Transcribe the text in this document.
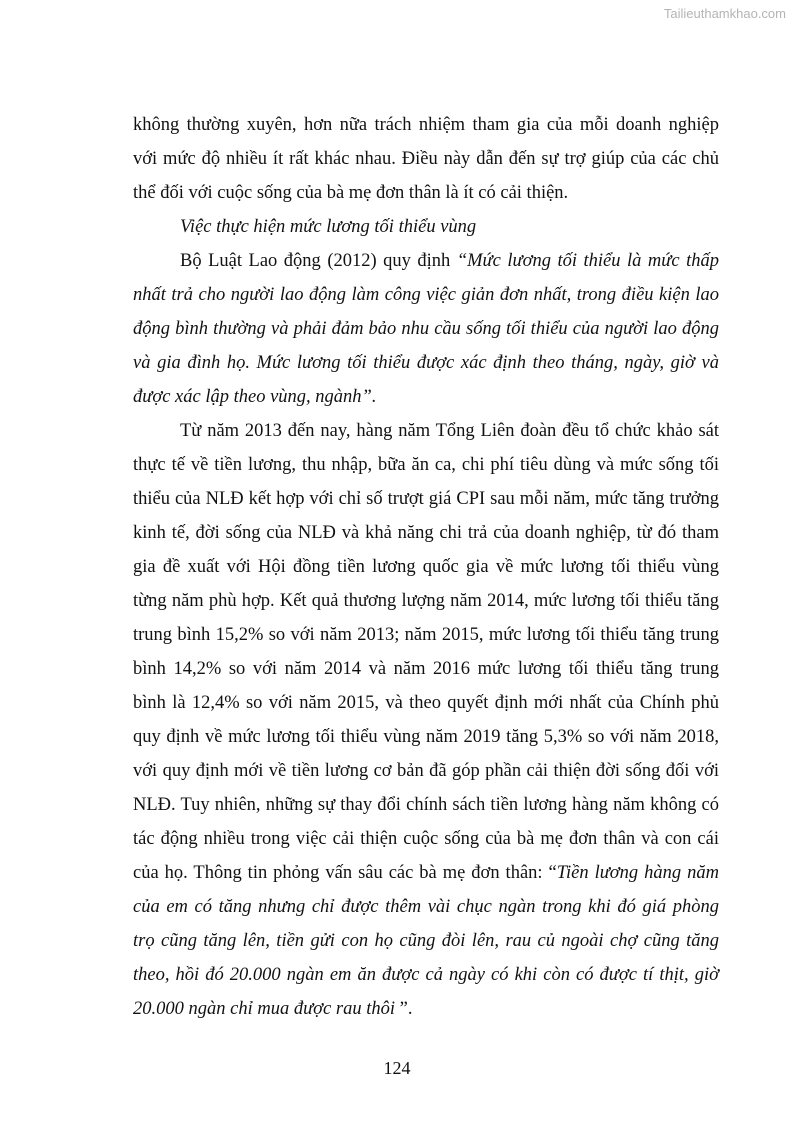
Tailieuthamkhao.com
không thường xuyên, hơn nữa trách nhiệm tham gia của mỗi doanh nghiệp
với mức độ nhiều ít rất khác nhau. Điều này dẫn đến sự trợ giúp của các chủ
thể đối với cuộc sống của bà mẹ đơn thân là ít có cải thiện.
Việc thực hiện mức lương tối thiểu vùng
Bộ Luật Lao động (2012) quy định “Mức lương tối thiểu là mức thấp
nhất trả cho người lao động làm công việc giản đơn nhất, trong điều kiện lao
động bình thường và phải đảm bảo nhu cầu sống tối thiểu của người lao động
và gia đình họ. Mức lương tối thiểu được xác định theo tháng, ngày, giờ và
được xác lập theo vùng, ngành”.
Từ năm 2013 đến nay, hàng năm Tổng Liên đoàn đều tổ chức khảo sát
thực tế về tiền lương, thu nhập, bữa ăn ca, chi phí tiêu dùng và mức sống tối
thiểu của NLĐ kết hợp với chỉ số trượt giá CPI sau mỗi năm, mức tăng trưởng
kinh tế, đời sống của NLĐ và khả năng chi trả của doanh nghiệp, từ đó tham
gia đề xuất với Hội đồng tiền lương quốc gia về mức lương tối thiểu vùng
từng năm phù hợp. Kết quả thương lượng năm 2014, mức lương tối thiểu tăng
trung bình 15,2% so với năm 2013; năm 2015, mức lương tối thiểu tăng trung
bình 14,2% so với năm 2014 và năm 2016 mức lương tối thiểu tăng trung
bình là 12,4% so với năm 2015, và theo quyết định mới nhất của Chính phủ
quy định về mức lương tối thiểu vùng năm 2019 tăng 5,3% so với năm 2018,
với quy định mới về tiền lương cơ bản đã góp phần cải thiện đời sống đối với
NLĐ. Tuy nhiên, những sự thay đổi chính sách tiền lương hàng năm không có
tác động nhiều trong việc cải thiện cuộc sống của bà mẹ đơn thân và con cái
của họ. Thông tin phỏng vấn sâu các bà mẹ đơn thân: “Tiền lương hàng năm
của em có tăng nhưng chỉ được thêm vài chục ngàn trong khi đó giá phòng
trọ cũng tăng lên, tiền gửi con họ cũng đòi lên, rau củ ngoài chợ cũng tăng
theo, hồi đó 20.000 ngàn em ăn được cả ngày có khi còn có được tí thịt, giờ
20.000 ngàn chỉ mua được rau thôi ”.
124
